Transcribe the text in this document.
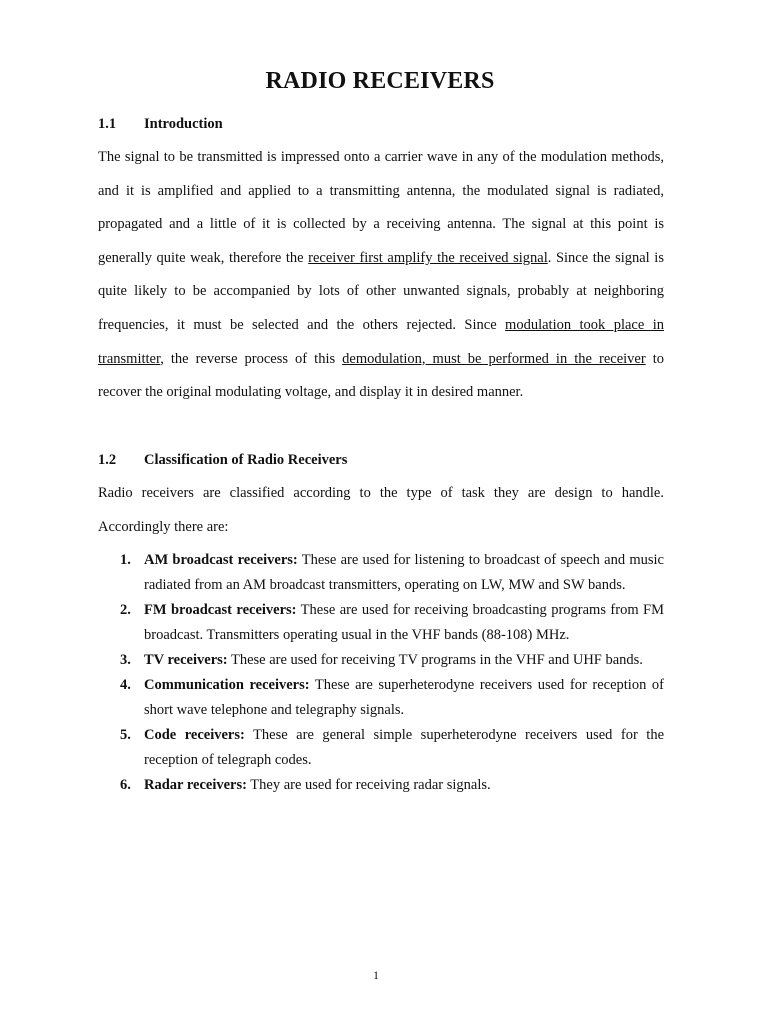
RADIO RECEIVERS
1.1 Introduction
The signal to be transmitted is impressed onto a carrier wave in any of the modulation methods, and it is amplified and applied to a transmitting antenna, the modulated signal is radiated, propagated and a little of it is collected by a receiving antenna. The signal at this point is generally quite weak, therefore the receiver first amplify the received signal. Since the signal is quite likely to be accompanied by lots of other unwanted signals, probably at neighboring frequencies, it must be selected and the others rejected. Since modulation took place in transmitter, the reverse process of this demodulation, must be performed in the receiver to recover the original modulating voltage, and display it in desired manner.
1.2 Classification of Radio Receivers
Radio receivers are classified according to the type of task they are design to handle. Accordingly there are:
1. AM broadcast receivers: These are used for listening to broadcast of speech and music radiated from an AM broadcast transmitters, operating on LW, MW and SW bands.
2. FM broadcast receivers: These are used for receiving broadcasting programs from FM broadcast. Transmitters operating usual in the VHF bands (88-108) MHz.
3. TV receivers: These are used for receiving TV programs in the VHF and UHF bands.
4. Communication receivers: These are superheterodyne receivers used for reception of short wave telephone and telegraphy signals.
5. Code receivers: These are general simple superheterodyne receivers used for the reception of telegraph codes.
6. Radar receivers: They are used for receiving radar signals.
1
